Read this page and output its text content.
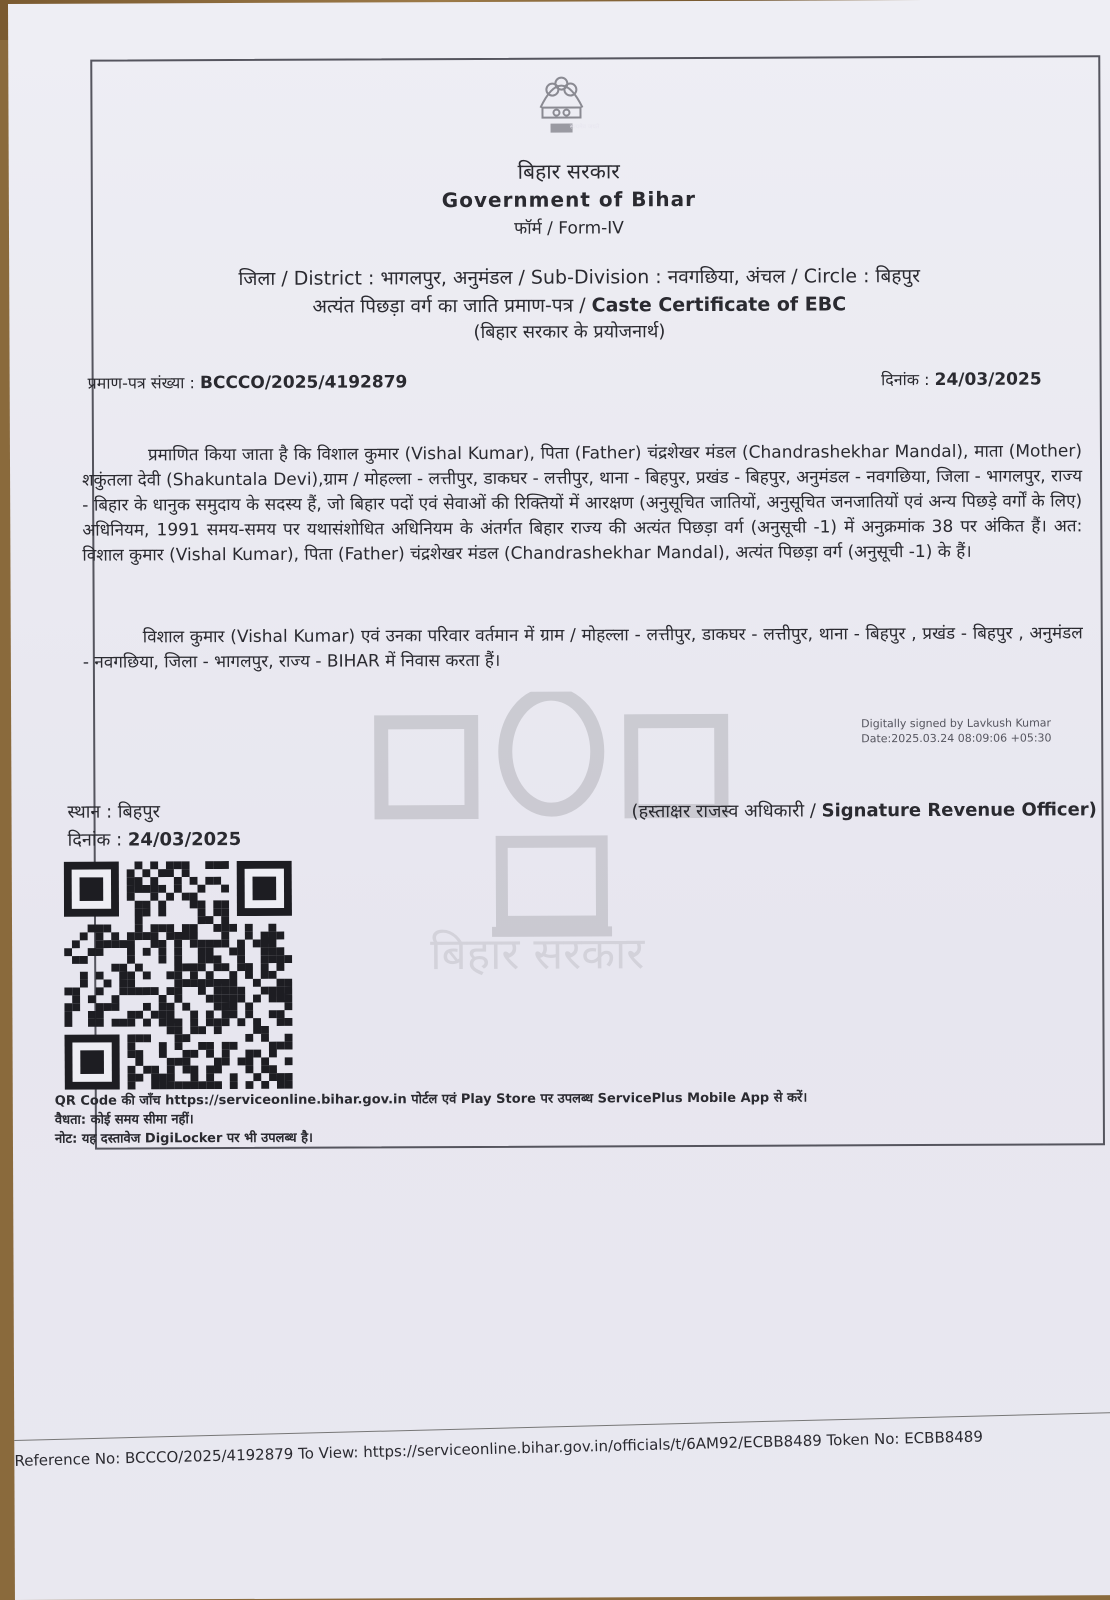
बिहार सरकार
सत्यमेव जयते
बिहार सरकार
Government of Bihar
फॉर्म / Form-IV
जिला / District : भागलपुर, अनुमंडल / Sub-Division : नवगछिया, अंचल / Circle : बिहपुर
अत्यंत पिछड़ा वर्ग का जाति प्रमाण-पत्र / Caste Certificate of EBC
(बिहार सरकार के प्रयोजनार्थ)
प्रमाण-पत्र संख्या : BCCCO/2025/4192879	दिनांक : 24/03/2025
प्रमाणित किया जाता है कि विशाल कुमार (Vishal Kumar), पिता (Father) चंद्रशेखर मंडल (Chandrashekhar Mandal), माता (Mother) शकुंतला देवी (Shakuntala Devi),ग्राम / मोहल्ला - लत्तीपुर, डाकघर - लत्तीपुर, थाना - बिहपुर, प्रखंड - बिहपुर, अनुमंडल - नवगछिया, जिला - भागलपुर, राज्य - बिहार के धानुक समुदाय के सदस्य हैं, जो बिहार पदों एवं सेवाओं की रिक्तियों में आरक्षण (अनुसूचित जातियों, अनुसूचित जनजातियों एवं अन्य पिछड़े वर्गों के लिए) अधिनियम, 1991 समय-समय पर यथासंशोधित अधिनियम के अंतर्गत बिहार राज्य की अत्यंत पिछड़ा वर्ग (अनुसूची -1) में अनुक्रमांक 38 पर अंकित हैं। अत: विशाल कुमार (Vishal Kumar), पिता (Father) चंद्रशेखर मंडल (Chandrashekhar Mandal), अत्यंत पिछड़ा वर्ग (अनुसूची -1) के हैं।
विशाल कुमार (Vishal Kumar) एवं उनका परिवार वर्तमान में ग्राम / मोहल्ला - लत्तीपुर, डाकघर - लत्तीपुर, थाना - बिहपुर , प्रखंड - बिहपुर , अनुमंडल - नवगछिया, जिला - भागलपुर, राज्य - BIHAR में निवास करता हैं।
Digitally signed by Lavkush Kumar
Date:2025.03.24 08:09:06 +05:30
स्थान : बिहपुर
दिनांक : 24/03/2025
(हस्ताक्षर राजस्व अधिकारी / Signature Revenue Officer)
QR Code की जाँच https://serviceonline.bihar.gov.in पोर्टल एवं Play Store पर उपलब्ध ServicePlus Mobile App से करें।
वैधता: कोई समय सीमा नहीं।
नोट: यह दस्तावेज DigiLocker पर भी उपलब्ध है।
Reference No: BCCCO/2025/4192879 To View: https://serviceonline.bihar.gov.in/officials/t/6AM92/ECBB8489 Token No: ECBB8489
